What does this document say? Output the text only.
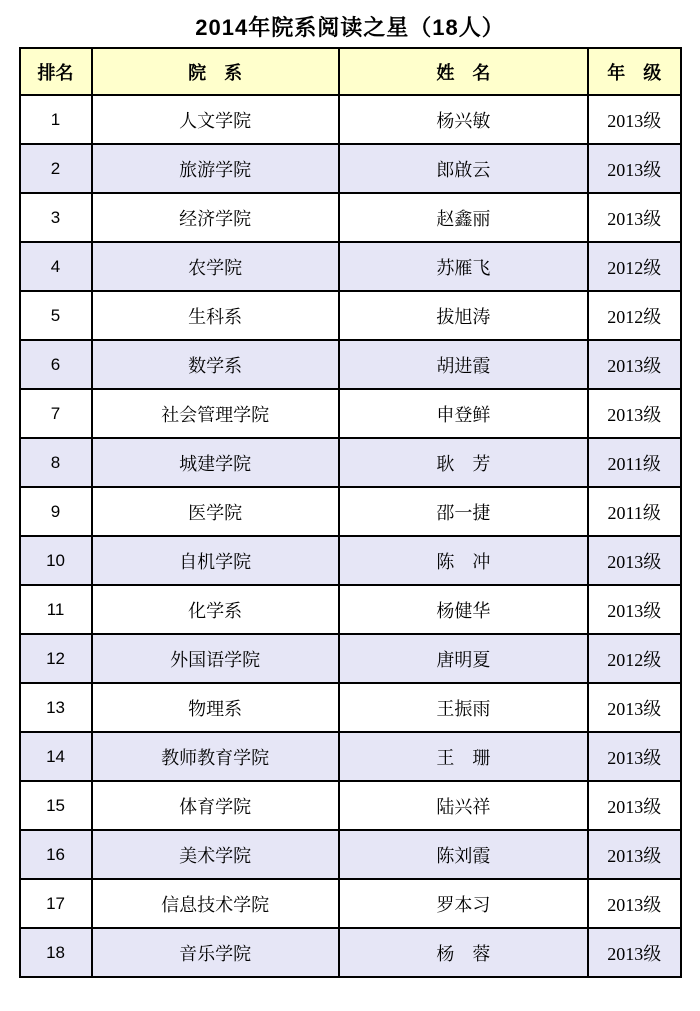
2014年院系阅读之星（18人）
排名	院　系	姓　名	年　级
1	人文学院	杨兴敏	2013级
2	旅游学院	郎啟云	2013级
3	经济学院	赵鑫丽	2013级
4	农学院	苏雁飞	2012级
5	生科系	拔旭涛	2012级
6	数学系	胡进霞	2013级
7	社会管理学院	申登鲜	2013级
8	城建学院	耿　芳	2011级
9	医学院	邵一捷	2011级
10	自机学院	陈　冲	2013级
11	化学系	杨健华	2013级
12	外国语学院	唐明夏	2012级
13	物理系	王振雨	2013级
14	教师教育学院	王　珊	2013级
15	体育学院	陆兴祥	2013级
16	美术学院	陈刘霞	2013级
17	信息技术学院	罗本习	2013级
18	音乐学院	杨　蓉	2013级
